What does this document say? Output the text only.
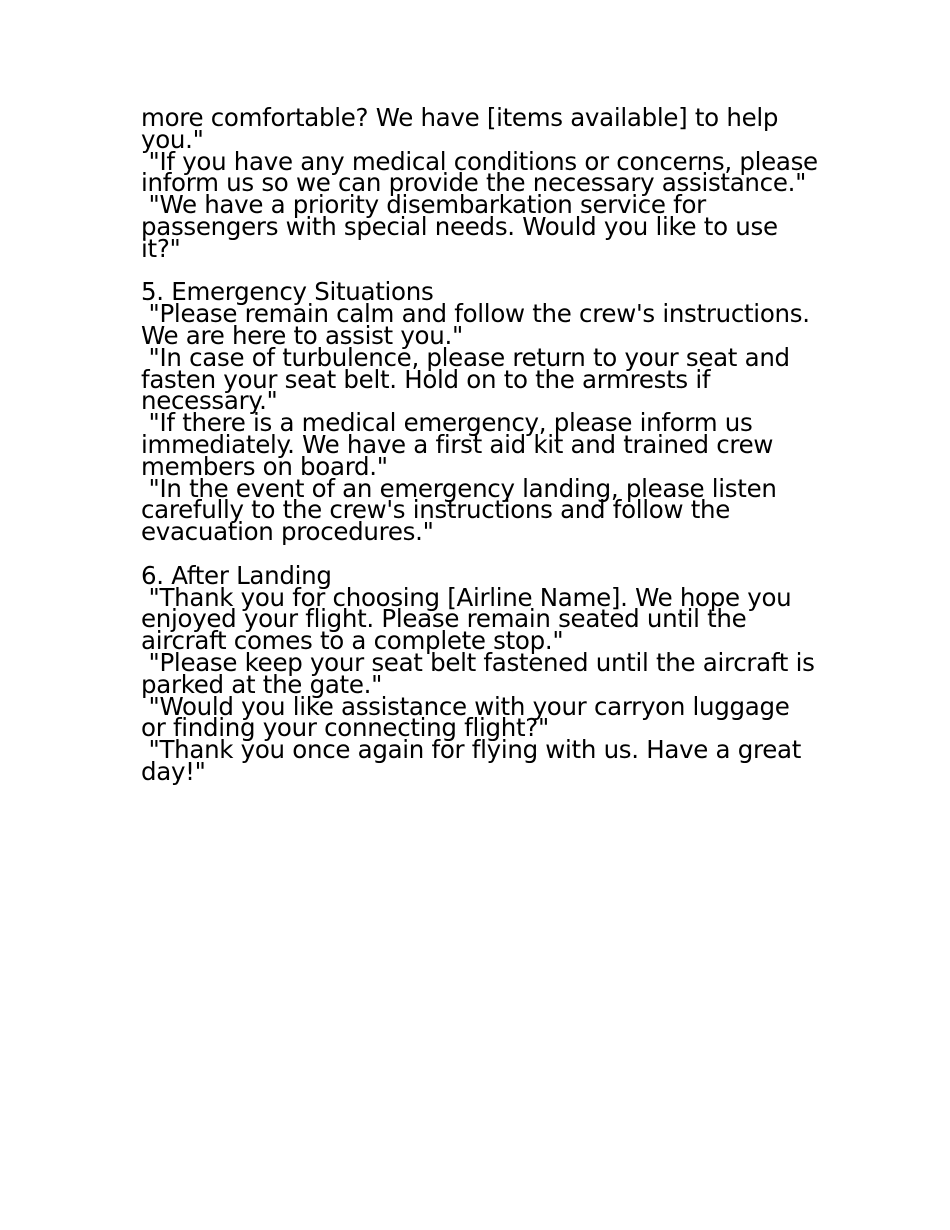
more comfortable? We have [items available] to help
you."
"If you have any medical conditions or concerns, please
inform us so we can provide the necessary assistance."
"We have a priority disembarkation service for
passengers with special needs. Would you like to use
it?"
5. Emergency Situations
"Please remain calm and follow the crew's instructions.
We are here to assist you."
"In case of turbulence, please return to your seat and
fasten your seat belt. Hold on to the armrests if
necessary."
"If there is a medical emergency, please inform us
immediately. We have a first aid kit and trained crew
members on board."
"In the event of an emergency landing, please listen
carefully to the crew's instructions and follow the
evacuation procedures."
6. After Landing
"Thank you for choosing [Airline Name]. We hope you
enjoyed your flight. Please remain seated until the
aircraft comes to a complete stop."
"Please keep your seat belt fastened until the aircraft is
parked at the gate."
"Would you like assistance with your carryon luggage
or finding your connecting flight?"
"Thank you once again for flying with us. Have a great
day!"
